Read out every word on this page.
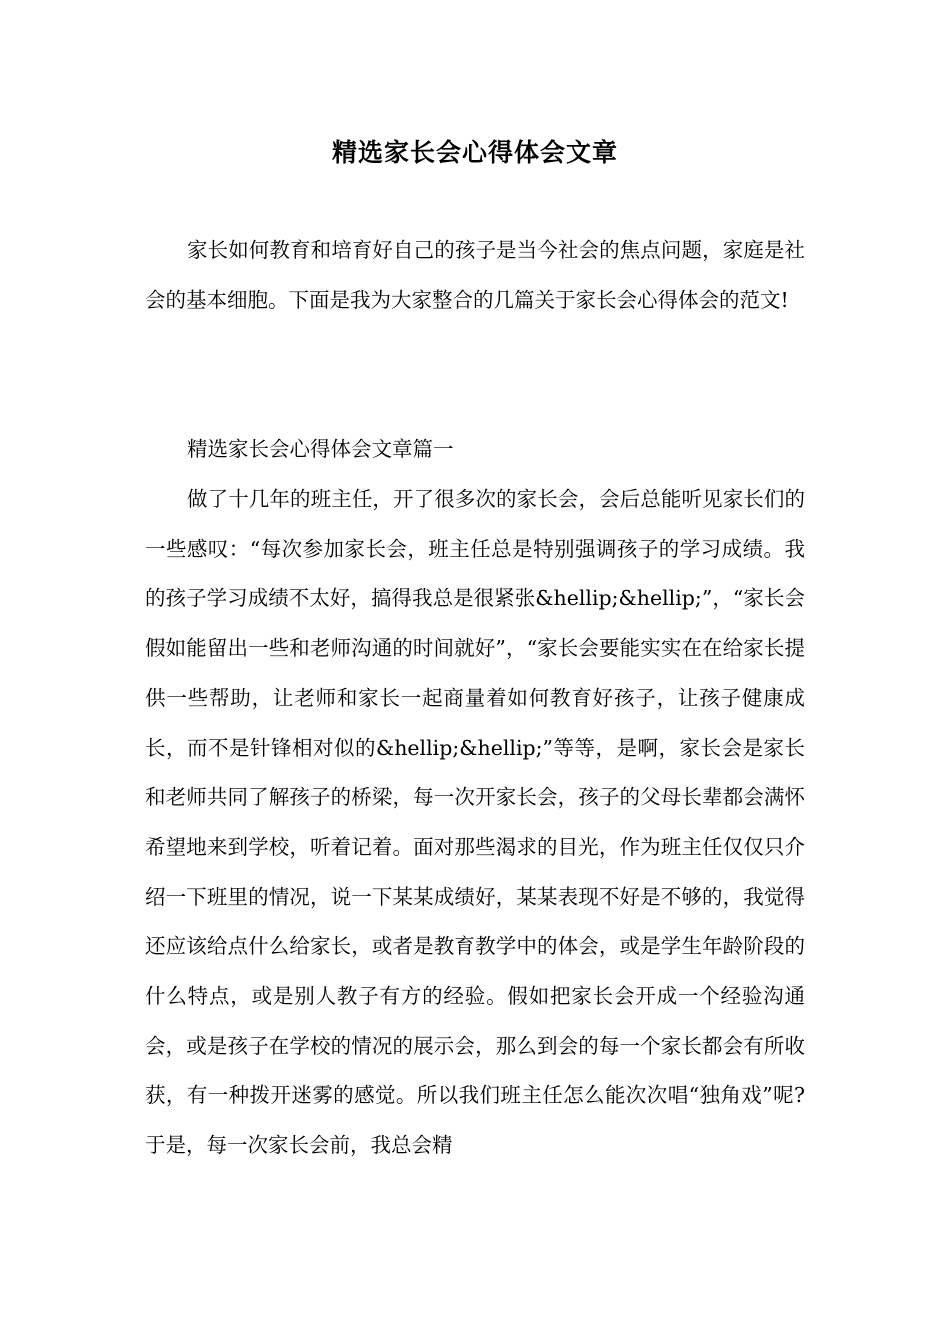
精选家长会心得体会文章

家长如何教育和培育好自己的孩子是当今社会的焦点问题，家庭是社会的基本细胞。下面是我为大家整合的几篇关于家长会心得体会的范文!

精选家长会心得体会文章篇一

做了十几年的班主任，开了很多次的家长会，会后总能听见家长们的一些感叹：“每次参加家长会，班主任总是特别强调孩子的学习成绩。我的孩子学习成绩不太好，搞得我总是很紧张&hellip;&hellip;”，“家长会假如能留出一些和老师沟通的时间就好”，“家长会要能实实在在给家长提供一些帮助，让老师和家长一起商量着如何教育好孩子，让孩子健康成长，而不是针锋相对似的&hellip;&hellip;”等等，是啊，家长会是家长和老师共同了解孩子的桥梁，每一次开家长会，孩子的父母长辈都会满怀希望地来到学校，听着记着。面对那些渴求的目光，作为班主任仅仅只介绍一下班里的情况，说一下某某成绩好，某某表现不好是不够的，我觉得还应该给点什么给家长，或者是教育教学中的体会，或是学生年龄阶段的什么特点，或是别人教子有方的经验。假如把家长会开成一个经验沟通会，或是孩子在学校的情况的展示会，那么到会的每一个家长都会有所收获，有一种拨开迷雾的感觉。所以我们班主任怎么能次次唱“独角戏”呢?于是，每一次家长会前，我总会精
